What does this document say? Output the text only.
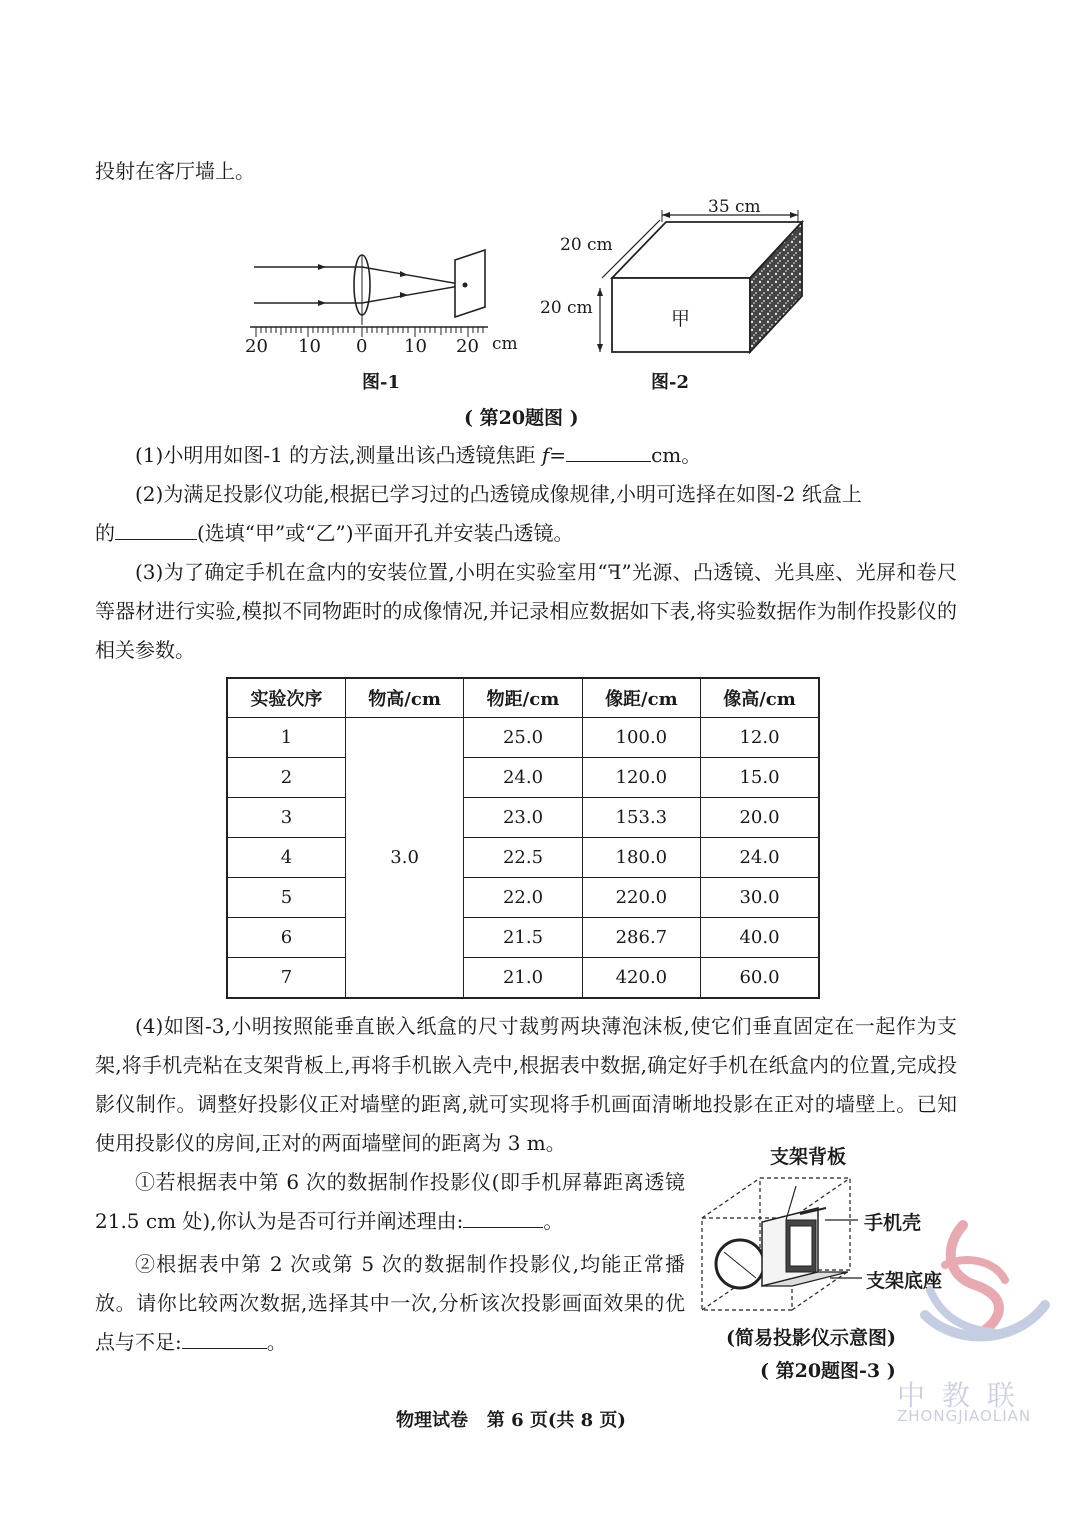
投射在客厅墙上。
20 10 0 10 20 cm
图-1
35 cm
20 cm
20 cm	甲
图-2
( 第20题图 )
(1)小明用如图-1 的方法,测量出该凸透镜焦距 f=	cm。
(2)为满足投影仪功能,根据已学习过的凸透镜成像规律,小明可选择在如图-2 纸盒上
的	(选填“甲”或“乙”)平面开孔并安装凸透镜。
(3)为了确定手机在盒内的安装位置,小明在实验室用“ꟻ”光源、凸透镜、光具座、光屏和卷尺等器材进行实验,模拟不同物距时的成像情况,并记录相应数据如下表,将实验数据作为制作投影仪的相关参数。
实验次序	物高/cm	物距/cm	像距/cm	像高/cm
1	3.0	25.0	100.0	12.0
2		24.0	120.0	15.0
3		23.0	153.3	20.0
4		22.5	180.0	24.0
5		22.0	220.0	30.0
6		21.5	286.7	40.0
7		21.0	420.0	60.0
(4)如图-3,小明按照能垂直嵌入纸盒的尺寸裁剪两块薄泡沫板,使它们垂直固定在一起作为支架,将手机壳粘在支架背板上,再将手机嵌入壳中,根据表中数据,确定好手机在纸盒内的位置,完成投影仪制作。调整好投影仪正对墙壁的距离,就可实现将手机画面清晰地投影在正对的墙壁上。已知使用投影仪的房间,正对的两面墙壁间的距离为 3 m。
①若根据表中第 6 次的数据制作投影仪(即手机屏幕距离透镜 21.5 cm 处),你认为是否可行并阐述理由:	。
②根据表中第 2 次或第 5 次的数据制作投影仪,均能正常播放。请你比较两次数据,选择其中一次,分析该次投影画面效果的优点与不足:	。
支架背板
手机壳
支架底座
(简易投影仪示意图)
( 第20题图-3 )
中 教 联
ZHONGJIAOLIAN
物理试卷   第 6 页(共 8 页)
